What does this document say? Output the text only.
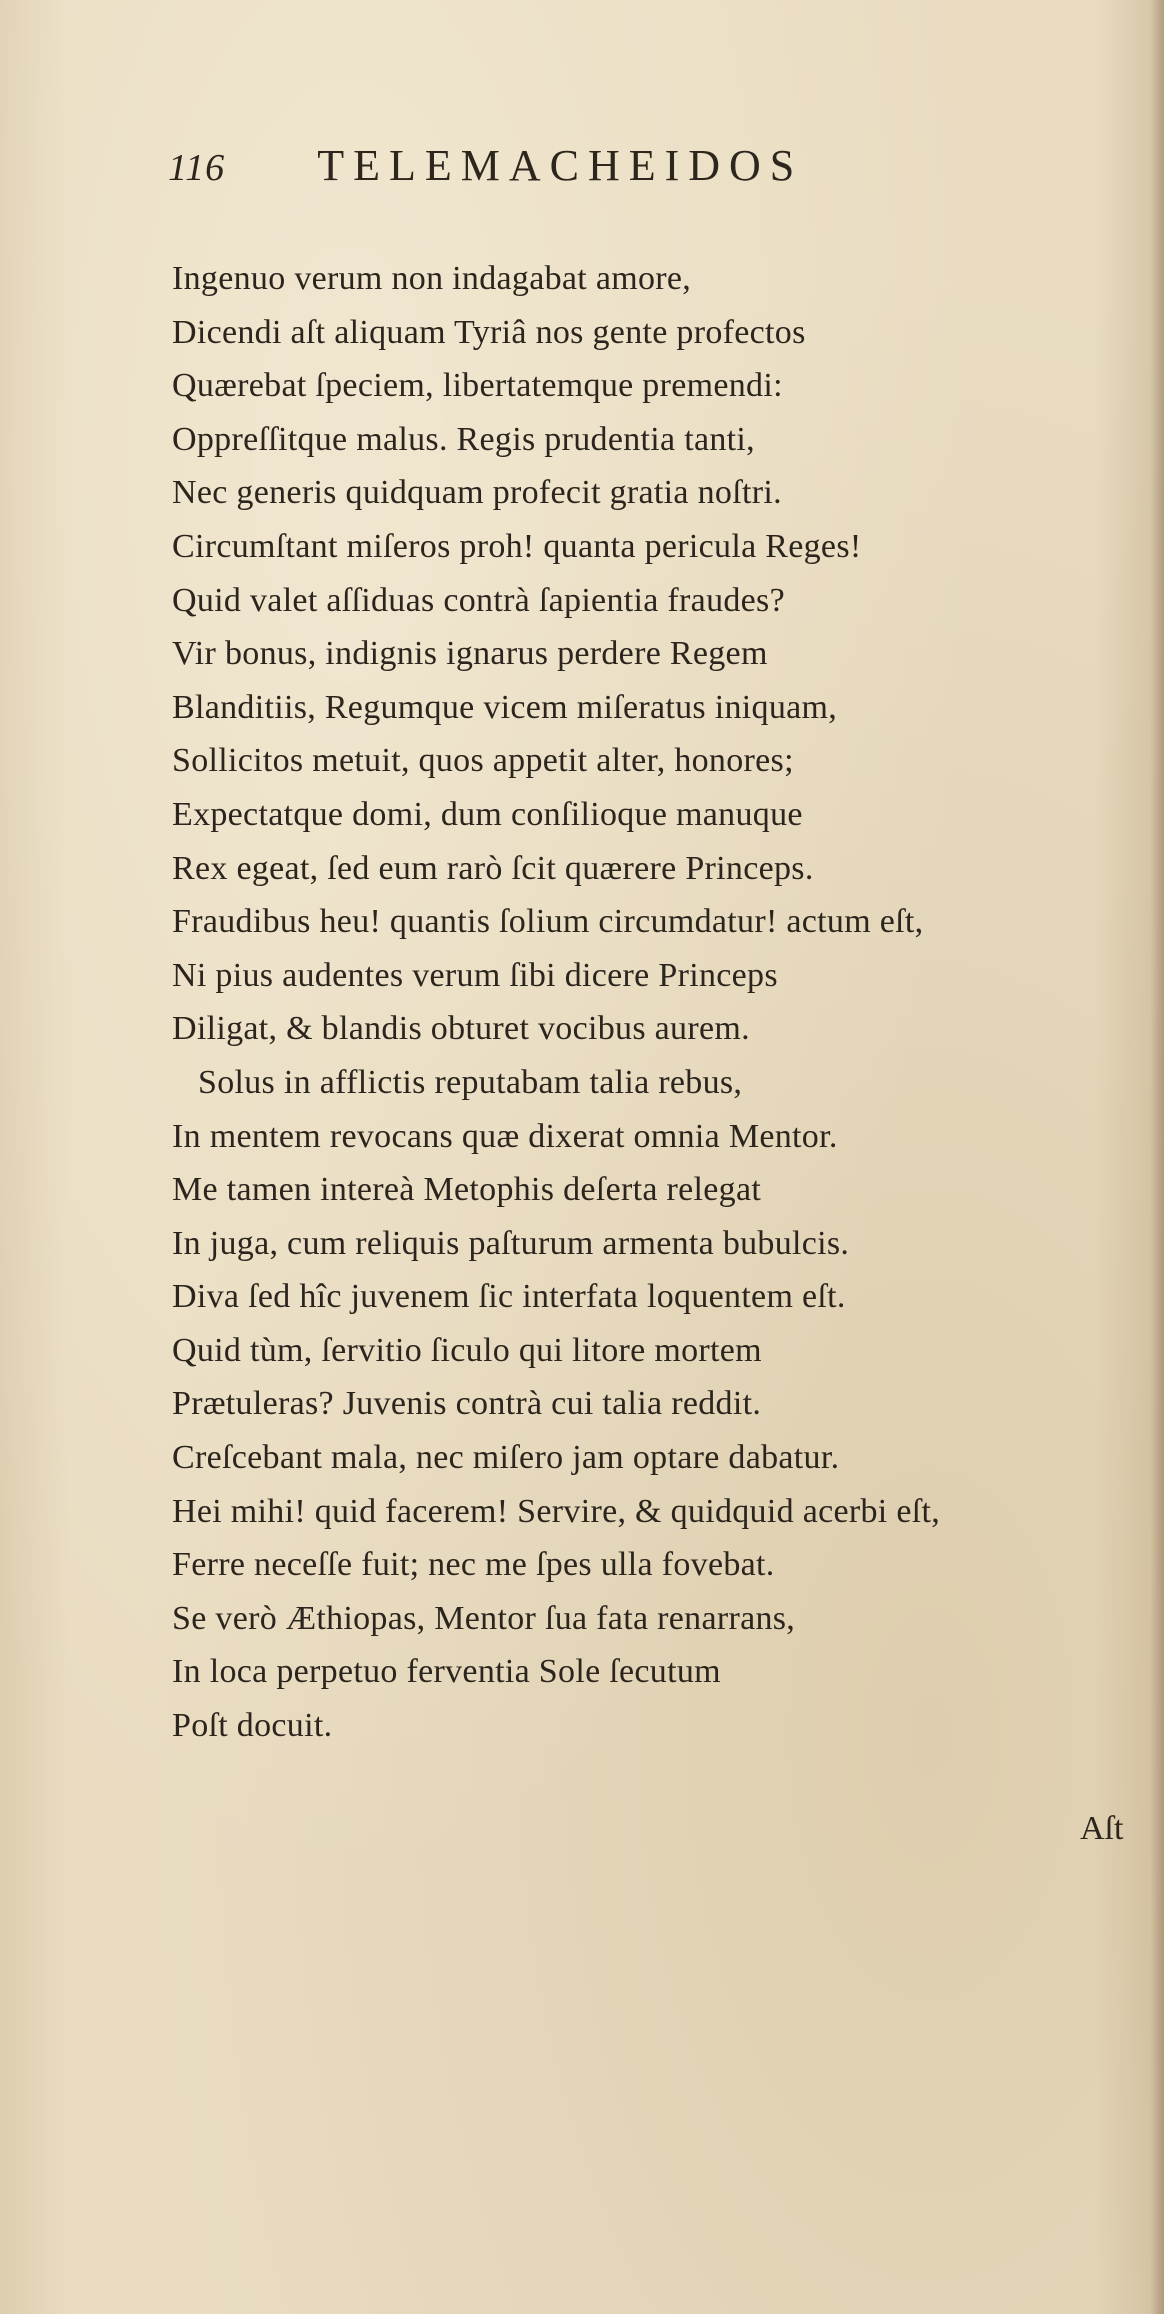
116 TELEMACHEIDOS
Ingenuo verum non indagabat amore,
Dicendi aſt aliquam Tyriâ nos gente profectos
Quærebat ſpeciem, libertatemque premendi:
Oppreſſitque malus. Regis prudentia tanti,
Nec generis quidquam profecit gratia noſtri.
Circumſtant miſeros proh! quanta pericula Reges!
Quid valet aſſiduas contrà ſapientia fraudes?
Vir bonus, indignis ignarus perdere Regem
Blanditiis, Regumque vicem miſeratus iniquam,
Sollicitos metuit, quos appetit alter, honores;
Expectatque domi, dum conſilioque manuque
Rex egeat, ſed eum rarò ſcit quærere Princeps.
Fraudibus heu! quantis ſolium circumdatur! actum eſt,
Ni pius audentes verum ſibi dicere Princeps
Diligat, & blandis obturet vocibus aurem.
Solus in afflictis reputabam talia rebus,
In mentem revocans quæ dixerat omnia Mentor.
Me tamen intereà Metophis deſerta relegat
In juga, cum reliquis paſturum armenta bubulcis.
Diva ſed hîc juvenem ſic interfata loquentem eſt.
Quid tùm, ſervitio ſiculo qui litore mortem
Prætuleras? Juvenis contrà cui talia reddit.
Creſcebant mala, nec miſero jam optare dabatur.
Hei mihi! quid facerem! Servire, & quidquid acerbi eſt,
Ferre neceſſe fuit; nec me ſpes ulla fovebat.
Se verò Æthiopas, Mentor ſua fata renarrans,
In loca perpetuo ferventia Sole ſecutum
Poſt docuit.
Aſt
